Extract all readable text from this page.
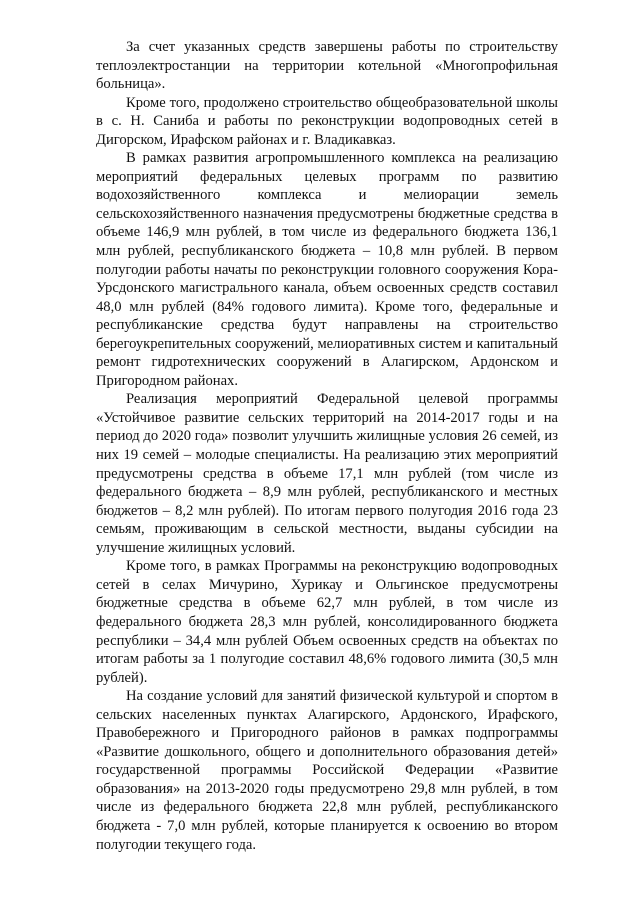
За счет указанных средств завершены работы по строительству теплоэлектростанции на территории котельной «Многопрофильная больница».

Кроме того, продолжено строительство общеобразовательной школы в с. Н. Саниба и работы по реконструкции водопроводных сетей в Дигорском, Ирафском районах и г. Владикавказ.

В рамках развития агропромышленного комплекса на реализацию мероприятий федеральных целевых программ по развитию водохозяйственного комплекса и мелиорации земель сельскохозяйственного назначения предусмотрены бюджетные средства в объеме 146,9 млн рублей, в том числе из федерального бюджета 136,1 млн рублей, республиканского бюджета – 10,8 млн рублей. В первом полугодии работы начаты по реконструкции головного сооружения Кора-Урсдонского магистрального канала, объем освоенных средств составил 48,0 млн рублей (84% годового лимита). Кроме того, федеральные и республиканские средства будут направлены на строительство берегоукрепительных сооружений, мелиоративных систем и капитальный ремонт гидротехнических сооружений в Алагирском, Ардонском и Пригородном районах.

Реализация мероприятий Федеральной целевой программы «Устойчивое развитие сельских территорий на 2014-2017 годы и на период до 2020 года» позволит улучшить жилищные условия 26 семей, из них 19 семей – молодые специалисты. На реализацию этих мероприятий предусмотрены средства в объеме 17,1 млн рублей (том числе из федерального бюджета – 8,9 млн рублей, республиканского и местных бюджетов – 8,2 млн рублей). По итогам первого полугодия 2016 года 23 семьям, проживающим в сельской местности, выданы субсидии на улучшение жилищных условий.

Кроме того, в рамках Программы на реконструкцию водопроводных сетей в селах Мичурино, Хурикау и Ольгинское предусмотрены бюджетные средства в объеме 62,7 млн рублей, в том числе из федерального бюджета 28,3 млн рублей, консолидированного бюджета республики – 34,4 млн рублей Объем освоенных средств на объектах по итогам работы за 1 полугодие составил 48,6% годового лимита (30,5 млн рублей).

На создание условий для занятий физической культурой и спортом в сельских населенных пунктах Алагирского, Ардонского, Ирафского, Правобережного и Пригородного районов в рамках подпрограммы «Развитие дошкольного, общего и дополнительного образования детей» государственной программы Российской Федерации «Развитие образования» на 2013-2020 годы предусмотрено 29,8 млн рублей, в том числе из федерального бюджета 22,8 млн рублей, республиканского бюджета - 7,0 млн рублей, которые планируется к освоению во втором полугодии текущего года.
